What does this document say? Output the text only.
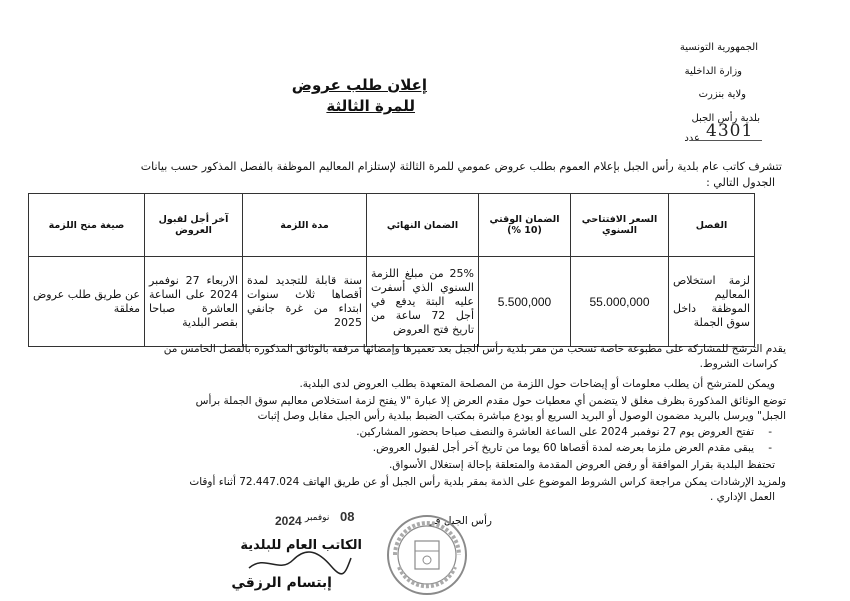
الجمهورية التونسية
وزارة الداخلية
ولاية بنزرت
بلدية رأس الجبل
عدد 4301
إعلان طلب عروض
للمرة الثالثة
تتشرف كاتب عام بلدية رأس الجبل بإعلام العموم بطلب عروض عمومي للمرة الثالثة لإستلزام المعاليم الموظفة بالفصل المذكور حسب بيانات
الجدول التالي :
الفصل	السعر الافتتاحي السنوي	الضمان الوقتي (10 %)	الضمان النهائي	مدة اللزمة	آخر أجل لقبول العروض	صيغة منح اللزمة
لزمة استخلاص المعاليم الموظفة داخل سوق الجملة	55.000,000	5.500,000	25% من مبلغ اللزمة السنوي الذي أسفرت عليه البتة يدفع في أجل 72 ساعة من تاريخ فتح العروض	سنة قابلة للتجديد لمدة أقصاها ثلاث سنوات ابتداء من غرة جانفي 2025	الاربعاء 27 نوفمبر 2024 على الساعة العاشرة صباحا بقصر البلدية	عن طريق طلب عروض مغلقة
يقدم الترشح للمشاركة على مطبوعة خاصة تسحب من مقر بلدية رأس الجبل بعد تعميرها وإمضائها مرفقة بالوثائق المذكورة بالفصل الخامس من
كراسات الشروط.
ويمكن للمترشح أن يطلب معلومات أو إيضاحات حول اللزمة من المصلحة المتعهدة بطلب العروض لدى البلدية.
توضع الوثائق المذكورة بظرف مغلق لا يتضمن أي معطيات حول مقدم العرض إلا عبارة "لا يفتح لزمة استخلاص معاليم سوق الجملة برأس
الجبل" ويرسل بالبريد مضمون الوصول أو البريد السريع أو يودع مباشرة بمكتب الضبط ببلدية رأس الجبل مقابل وصل إثبات
-
تفتح العروض يوم 27 نوفمبر 2024 على الساعة العاشرة والنصف صباحا بحضور المشاركين.
-
يبقى مقدم العرض ملزما بعرضه لمدة أقصاها 60 يوما من تاريخ آخر أجل لقبول العروض.
تحتفظ البلدية بقرار الموافقة أو رفض العروض المقدمة والمتعلقة بإحالة إستغلال الأسواق.
ولمزيد الإرشادات يمكن مراجعة كراس الشروط الموضوع على الذمة بمقر بلدية رأس الجبل أو عن طريق الهاتف 72.447.024 أثناء أوقات
العمل الإداري .
رأس الجبل في
2024 نوفمبر 08
الكاتب العام للبلدية
إبتسام الرزقي
